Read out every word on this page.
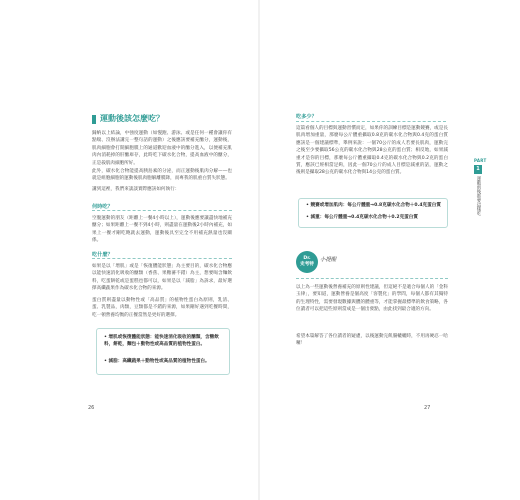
運動後該怎麼吃？

歸納以上結論，中強度運動（如慢跑、游泳、或是任何一種會讓你有點喘、沒辦法講完一整句話的運動）之後應該要補充醣分，運動後，肌肉細胞會打開細胞膜上的通道歡迎血液中的醣分進入，以便補充肌肉內消耗掉的肝醣庫存，此時吃下碳水化合物，提高血液中的醣分，正是殺肌肉細胞所好。

此外，碳水化合物能提高胰島素的分泌，而正運動後肌肉分解——也就是組胞細胞的運動後肌肉胞解離膜降，而專我的肌重白質失狀態。

講到這裡，我們來談談實際應該如何執行：

何時吃？

空腹運動的朋友（距離上一餐4小時以上），運動後應要讓盡快地補充醣分；如果距離上一餐不到4小時，則盡量在運動後2小時內補充，如果上一餐才剛吃飽就去運動，運動後具至完全不用補充熱量也沒關係。

吃什麼？

如果是以「增肌」或是「恢復體能狀態」為主要目的，碳水化合物應以能快速消化吸收的醣類（香蕉、果糖蕃不錯）為主，想要喝含麵飲料，吃蛋餅乾或是蛋糕也都可以，如果是以「減脂」為訴求，最好選擇高纖蔬果作為碳水化合物的來源。

蛋白質則盡量以動物性或「高品質」的植物性蛋白為原則，乳清、蛋、乳製品，肉類，豆類都是不錯的來源，如果剛好遇到吃餐時間，吃一頓營養均衡的正餐當然是更好的選擇。

• 增肌或恢復體能狀態：能快速消化吸收的醣類，含糖飲料，餅乾，麵包＋動物性或高品質的植物性蛋白。
• 減脂：高纖蔬果＋動物性或高品質的植物性蛋白。
26
吃多少？

這篇看個人的目標與運動習慣而定，如果你的訓練目標是運動競賽，或是長肌肉增加重量，那麼每公斤體重攝取0.8克的碳水化合物與0.4克的蛋白質應該是一個建議標準，舉例來說：一個70公斤的成人若要長肌肉，運動完之後至少要攝取56公克的碳水化合物與28公克的蛋白質；相反地，如果減重才是你的目標，那麼每公斤體重攝取0.4克的碳水化合物與0.2克的蛋白質，應該已經相當足夠，因此一個70公斤的成人目標是減重的話，運動之後則是攝取28公克的碳水化合物與14公克的蛋白質。

• 競賽或增加肌肉：每公斤體重→0.8克碳水化合物＋0.4克蛋白質
• 減重：每公斤體重→0.4克碳水化合物＋0.2克蛋白質
Dr.
史考特
小提醒

以上為一些運動後營養補充的原則性建議，但這絕不是適合每個人的「金科玉律」，要知道，運動營養是個高度「客製化」的學問，每個人都有其獨特的生理特性，需要發現數據與體的體重等，才能掌握最標準的飲食策略，各位讀者可以把這些原則當成是一個出發點，由此找到最合適的方向。

希望本篇解答了各位讀者的疑慮，以後運動完飢腸轆轆時，不用再硬忍一哈囉！

PART
1
運動前後都要這樣吃
27
